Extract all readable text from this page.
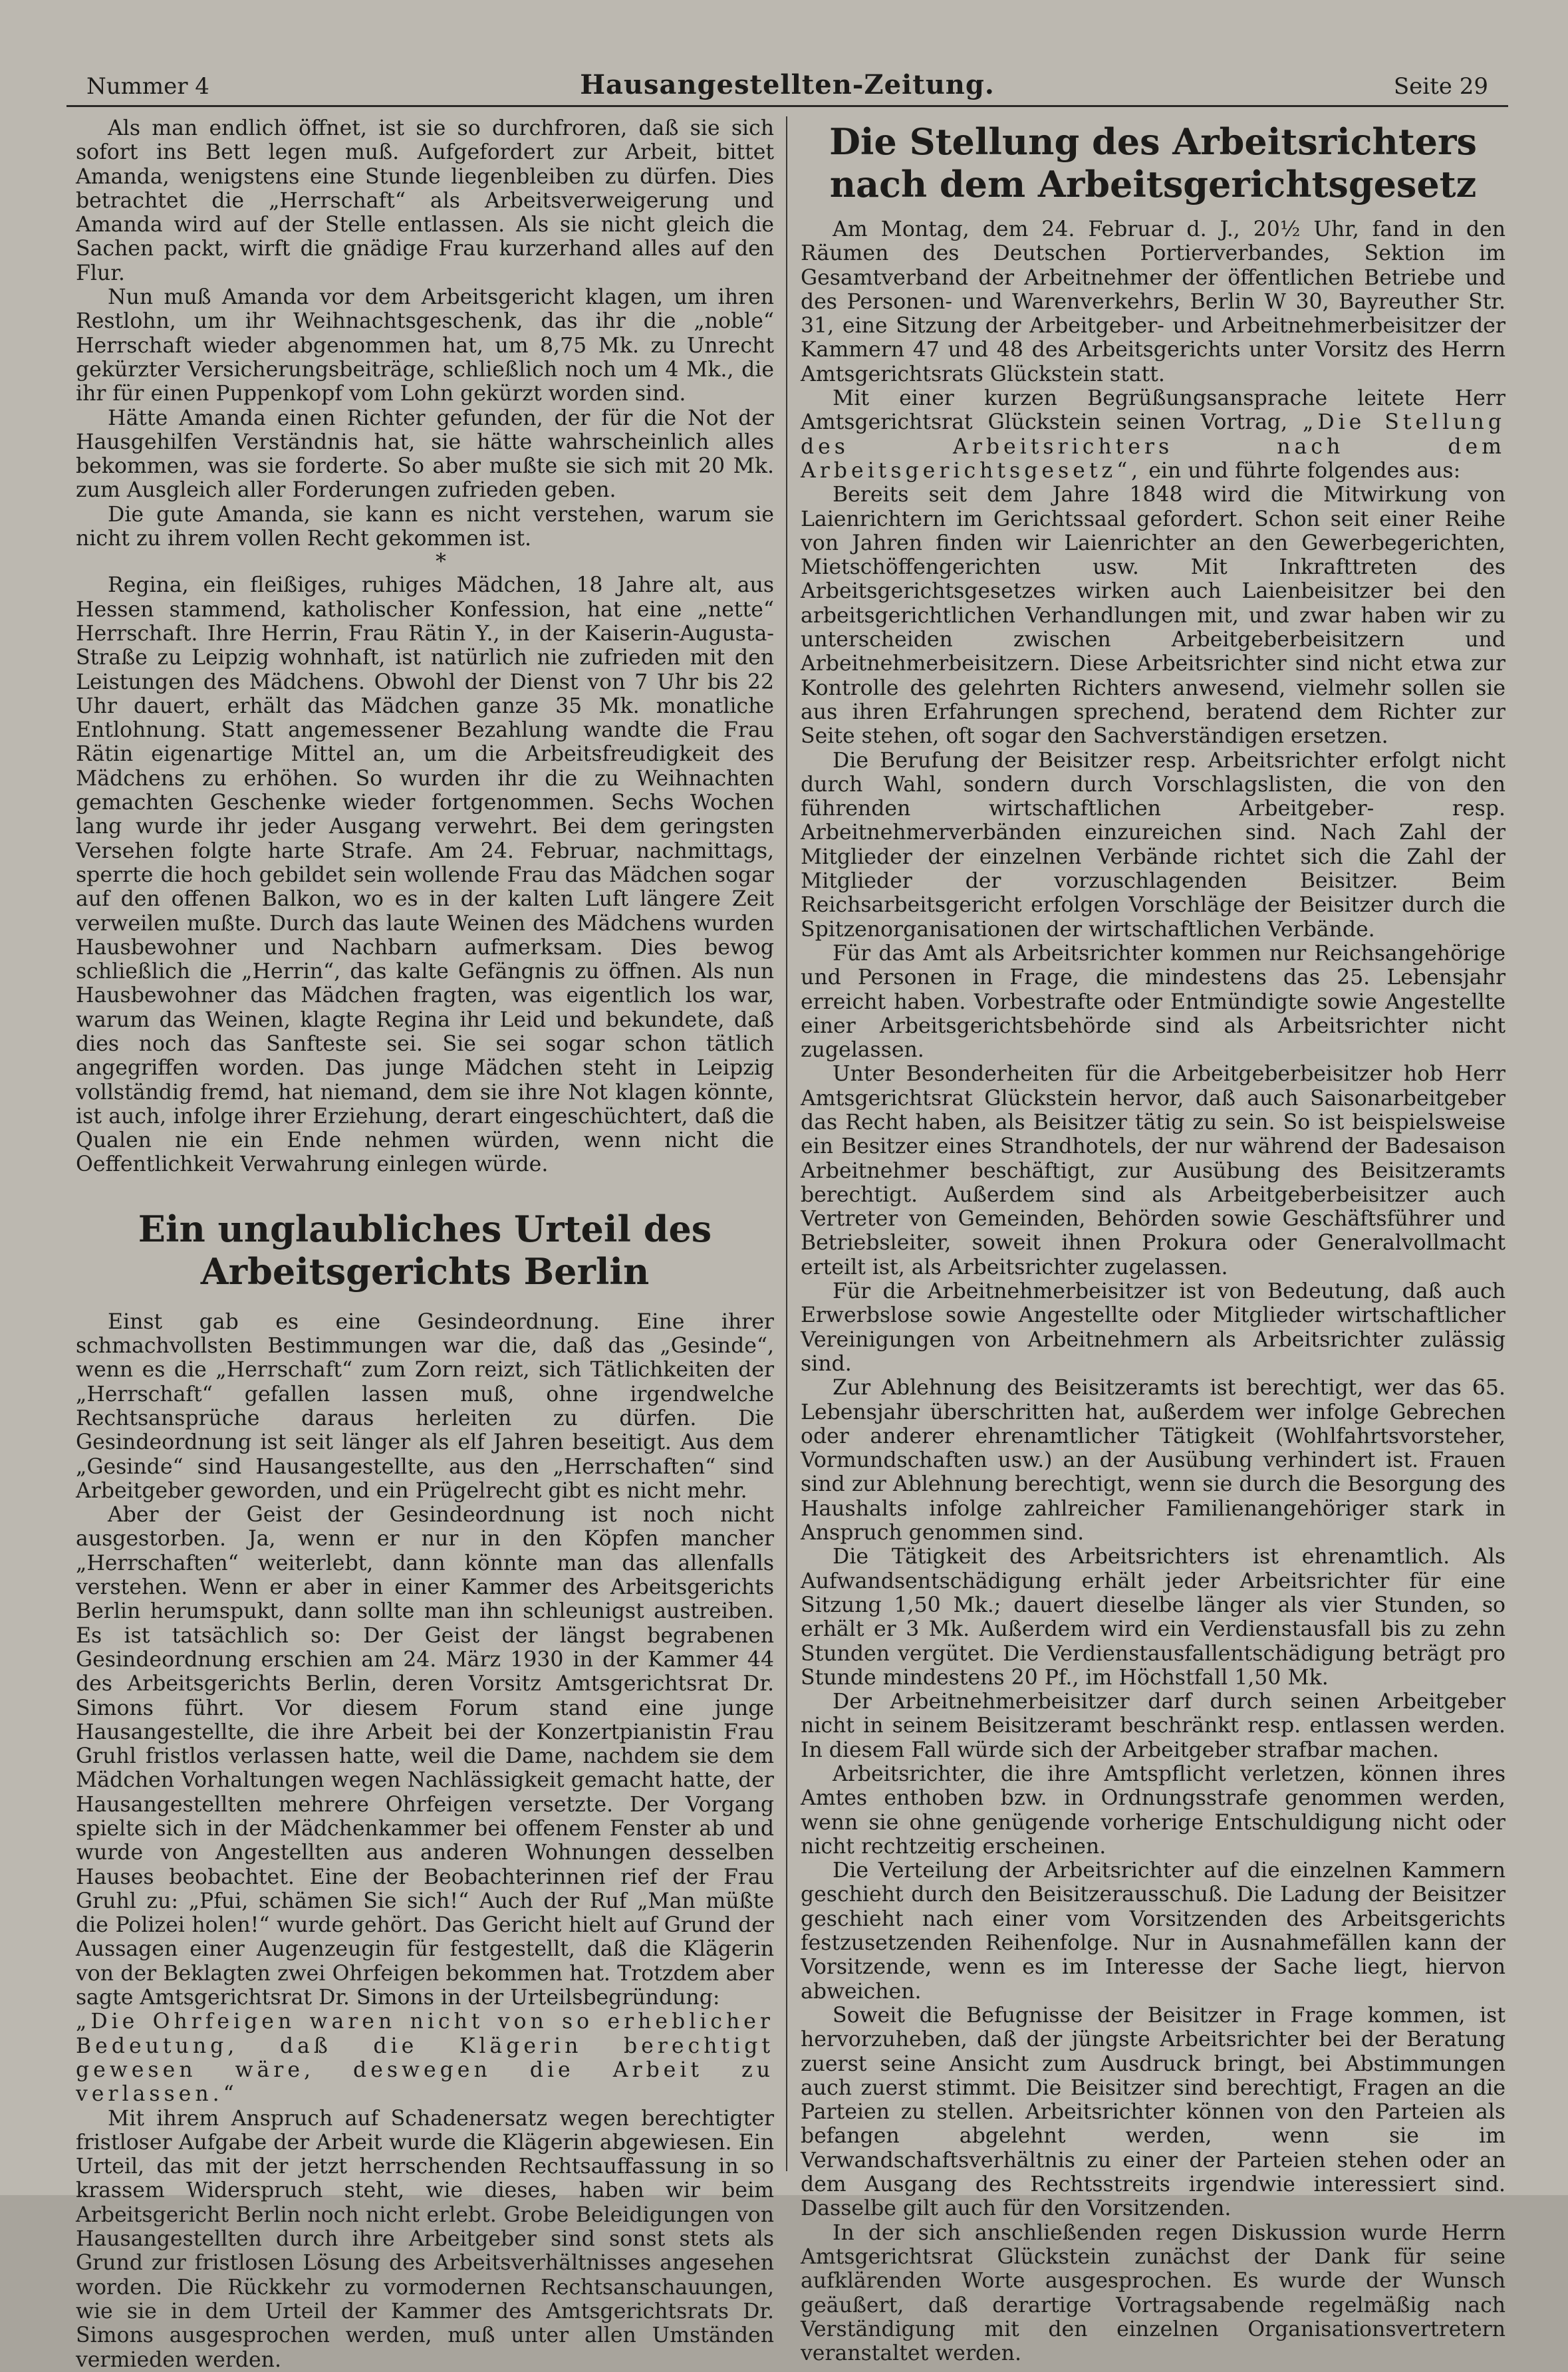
Nummer 4	Hausangestellten-Zeitung.	Seite 29

Als man endlich öffnet, ist sie so durchfroren, daß sie sich sofort ins Bett legen muß. Aufgefordert zur Arbeit, bittet Amanda, wenigstens eine Stunde liegenbleiben zu dürfen. Dies betrachtet die „Herrschaft“ als Arbeitsverweigerung und Amanda wird auf der Stelle entlassen. Als sie nicht gleich die Sachen packt, wirft die gnädige Frau kurzerhand alles auf den Flur.

Nun muß Amanda vor dem Arbeitsgericht klagen, um ihren Restlohn, um ihr Weihnachtsgeschenk, das ihr die „noble“ Herrschaft wieder abgenommen hat, um 8,75 Mk. zu Unrecht gekürzter Versicherungsbeiträge, schließlich noch um 4 Mk., die ihr für einen Puppenkopf vom Lohn gekürzt worden sind.

Hätte Amanda einen Richter gefunden, der für die Not der Hausgehilfen Verständnis hat, sie hätte wahrscheinlich alles bekommen, was sie forderte. So aber mußte sie sich mit 20 Mk. zum Ausgleich aller Forderungen zufrieden geben.

Die gute Amanda, sie kann es nicht verstehen, warum sie nicht zu ihrem vollen Recht gekommen ist.

*

Regina, ein fleißiges, ruhiges Mädchen, 18 Jahre alt, aus Hessen stammend, katholischer Konfession, hat eine „nette“ Herrschaft. Ihre Herrin, Frau Rätin Y., in der Kaiserin-Augusta-Straße zu Leipzig wohnhaft, ist natürlich nie zufrieden mit den Leistungen des Mädchens. Obwohl der Dienst von 7 Uhr bis 22 Uhr dauert, erhält das Mädchen ganze 35 Mk. monatliche Entlohnung. Statt angemessener Bezahlung wandte die Frau Rätin eigenartige Mittel an, um die Arbeitsfreudigkeit des Mädchens zu erhöhen. So wurden ihr die zu Weihnachten gemachten Geschenke wieder fortgenommen. Sechs Wochen lang wurde ihr jeder Ausgang verwehrt. Bei dem geringsten Versehen folgte harte Strafe. Am 24. Februar, nachmittags, sperrte die hoch gebildet sein wollende Frau das Mädchen sogar auf den offenen Balkon, wo es in der kalten Luft längere Zeit verweilen mußte. Durch das laute Weinen des Mädchens wurden Hausbewohner und Nachbarn aufmerksam. Dies bewog schließlich die „Herrin“, das kalte Gefängnis zu öffnen. Als nun Hausbewohner das Mädchen fragten, was eigentlich los war, warum das Weinen, klagte Regina ihr Leid und bekundete, daß dies noch das Sanfteste sei. Sie sei sogar schon tätlich angegriffen worden. Das junge Mädchen steht in Leipzig vollständig fremd, hat niemand, dem sie ihre Not klagen könnte, ist auch, infolge ihrer Erziehung, derart eingeschüchtert, daß die Qualen nie ein Ende nehmen würden, wenn nicht die Oeffentlichkeit Verwahrung einlegen würde.

Ein unglaubliches Urteil des Arbeitsgerichts Berlin

Einst gab es eine Gesindeordnung. Eine ihrer schmachvollsten Bestimmungen war die, daß das „Gesinde“, wenn es die „Herrschaft“ zum Zorn reizt, sich Tätlichkeiten der „Herrschaft“ gefallen lassen muß, ohne irgendwelche Rechtsansprüche daraus herleiten zu dürfen. Die Gesindeordnung ist seit länger als elf Jahren beseitigt. Aus dem „Gesinde“ sind Hausangestellte, aus den „Herrschaften“ sind Arbeitgeber geworden, und ein Prügelrecht gibt es nicht mehr.

Aber der Geist der Gesindeordnung ist noch nicht ausgestorben. Ja, wenn er nur in den Köpfen mancher „Herrschaften“ weiterlebt, dann könnte man das allenfalls verstehen. Wenn er aber in einer Kammer des Arbeitsgerichts Berlin herumspukt, dann sollte man ihn schleunigst austreiben. Es ist tatsächlich so: Der Geist der längst begrabenen Gesindeordnung erschien am 24. März 1930 in der Kammer 44 des Arbeitsgerichts Berlin, deren Vorsitz Amtsgerichtsrat Dr. Simons führt. Vor diesem Forum stand eine junge Hausangestellte, die ihre Arbeit bei der Konzertpianistin Frau Gruhl fristlos verlassen hatte, weil die Dame, nachdem sie dem Mädchen Vorhaltungen wegen Nachlässigkeit gemacht hatte, der Hausangestellten mehrere Ohrfeigen versetzte. Der Vorgang spielte sich in der Mädchenkammer bei offenem Fenster ab und wurde von Angestellten aus anderen Wohnungen desselben Hauses beobachtet. Eine der Beobachterinnen rief der Frau Gruhl zu: „Pfui, schämen Sie sich!“ Auch der Ruf „Man müßte die Polizei holen!“ wurde gehört. Das Gericht hielt auf Grund der Aussagen einer Augenzeugin für festgestellt, daß die Klägerin von der Beklagten zwei Ohrfeigen bekommen hat. Trotzdem aber sagte Amtsgerichtsrat Dr. Simons in der Urteilsbegründung:

„Die Ohrfeigen waren nicht von so erheblicher Bedeutung, daß die Klägerin berechtigt gewesen wäre, deswegen die Arbeit zu verlassen.“

Mit ihrem Anspruch auf Schadenersatz wegen berechtigter fristloser Aufgabe der Arbeit wurde die Klägerin abgewiesen. Ein Urteil, das mit der jetzt herrschenden Rechtsauffassung in so krassem Widerspruch steht, wie dieses, haben wir beim Arbeitsgericht Berlin noch nicht erlebt. Grobe Beleidigungen von Hausangestellten durch ihre Arbeitgeber sind sonst stets als Grund zur fristlosen Lösung des Arbeitsverhältnisses angesehen worden. Die Rückkehr zu vormodernen Rechtsanschauungen, wie sie in dem Urteil der Kammer des Amtsgerichtsrats Dr. Simons ausgesprochen werden, muß unter allen Umständen vermieden werden.

Die Stellung des Arbeitsrichters nach dem Arbeitsgerichtsgesetz

Am Montag, dem 24. Februar d. J., 20½ Uhr, fand in den Räumen des Deutschen Portierverbandes, Sektion im Gesamtverband der Arbeitnehmer der öffentlichen Betriebe und des Personen- und Warenverkehrs, Berlin W 30, Bayreuther Str. 31, eine Sitzung der Arbeitgeber- und Arbeitnehmerbeisitzer der Kammern 47 und 48 des Arbeitsgerichts unter Vorsitz des Herrn Amtsgerichtsrats Glückstein statt.

Mit einer kurzen Begrüßungsansprache leitete Herr Amtsgerichtsrat Glückstein seinen Vortrag, „Die Stellung des Arbeitsrichters nach dem Arbeitsgerichtsgesetz“, ein und führte folgendes aus:

Bereits seit dem Jahre 1848 wird die Mitwirkung von Laienrichtern im Gerichtssaal gefordert. Schon seit einer Reihe von Jahren finden wir Laienrichter an den Gewerbegerichten, Mietschöffengerichten usw. Mit Inkrafttreten des Arbeitsgerichtsgesetzes wirken auch Laienbeisitzer bei den arbeitsgerichtlichen Verhandlungen mit, und zwar haben wir zu unterscheiden zwischen Arbeitgeberbeisitzern und Arbeitnehmerbeisitzern. Diese Arbeitsrichter sind nicht etwa zur Kontrolle des gelehrten Richters anwesend, vielmehr sollen sie aus ihren Erfahrungen sprechend, beratend dem Richter zur Seite stehen, oft sogar den Sachverständigen ersetzen.

Die Berufung der Beisitzer resp. Arbeitsrichter erfolgt nicht durch Wahl, sondern durch Vorschlagslisten, die von den führenden wirtschaftlichen Arbeitgeber- resp. Arbeitnehmerverbänden einzureichen sind. Nach Zahl der Mitglieder der einzelnen Verbände richtet sich die Zahl der Mitglieder der vorzuschlagenden Beisitzer. Beim Reichsarbeitsgericht erfolgen Vorschläge der Beisitzer durch die Spitzenorganisationen der wirtschaftlichen Verbände.

Für das Amt als Arbeitsrichter kommen nur Reichsangehörige und Personen in Frage, die mindestens das 25. Lebensjahr erreicht haben. Vorbestrafte oder Entmündigte sowie Angestellte einer Arbeitsgerichtsbehörde sind als Arbeitsrichter nicht zugelassen.

Unter Besonderheiten für die Arbeitgeberbeisitzer hob Herr Amtsgerichtsrat Glückstein hervor, daß auch Saisonarbeitgeber das Recht haben, als Beisitzer tätig zu sein. So ist beispielsweise ein Besitzer eines Strandhotels, der nur während der Badesaison Arbeitnehmer beschäftigt, zur Ausübung des Beisitzeramts berechtigt. Außerdem sind als Arbeitgeberbeisitzer auch Vertreter von Gemeinden, Behörden sowie Geschäftsführer und Betriebsleiter, soweit ihnen Prokura oder Generalvollmacht erteilt ist, als Arbeitsrichter zugelassen.

Für die Arbeitnehmerbeisitzer ist von Bedeutung, daß auch Erwerbslose sowie Angestellte oder Mitglieder wirtschaftlicher Vereinigungen von Arbeitnehmern als Arbeitsrichter zulässig sind.

Zur Ablehnung des Beisitzeramts ist berechtigt, wer das 65. Lebensjahr überschritten hat, außerdem wer infolge Gebrechen oder anderer ehrenamtlicher Tätigkeit (Wohlfahrtsvorsteher, Vormundschaften usw.) an der Ausübung verhindert ist. Frauen sind zur Ablehnung berechtigt, wenn sie durch die Besorgung des Haushalts infolge zahlreicher Familienangehöriger stark in Anspruch genommen sind.

Die Tätigkeit des Arbeitsrichters ist ehrenamtlich. Als Aufwandsentschädigung erhält jeder Arbeitsrichter für eine Sitzung 1,50 Mk.; dauert dieselbe länger als vier Stunden, so erhält er 3 Mk. Außerdem wird ein Verdienstausfall bis zu zehn Stunden vergütet. Die Verdienstausfallentschädigung beträgt pro Stunde mindestens 20 Pf., im Höchstfall 1,50 Mk.

Der Arbeitnehmerbeisitzer darf durch seinen Arbeitgeber nicht in seinem Beisitzeramt beschränkt resp. entlassen werden. In diesem Fall würde sich der Arbeitgeber strafbar machen.

Arbeitsrichter, die ihre Amtspflicht verletzen, können ihres Amtes enthoben bzw. in Ordnungsstrafe genommen werden, wenn sie ohne genügende vorherige Entschuldigung nicht oder nicht rechtzeitig erscheinen.

Die Verteilung der Arbeitsrichter auf die einzelnen Kammern geschieht durch den Beisitzerausschuß. Die Ladung der Beisitzer geschieht nach einer vom Vorsitzenden des Arbeitsgerichts festzusetzenden Reihenfolge. Nur in Ausnahmefällen kann der Vorsitzende, wenn es im Interesse der Sache liegt, hiervon abweichen.

Soweit die Befugnisse der Beisitzer in Frage kommen, ist hervorzuheben, daß der jüngste Arbeitsrichter bei der Beratung zuerst seine Ansicht zum Ausdruck bringt, bei Abstimmungen auch zuerst stimmt. Die Beisitzer sind berechtigt, Fragen an die Parteien zu stellen. Arbeitsrichter können von den Parteien als befangen abgelehnt werden, wenn sie im Verwandschaftsverhältnis zu einer der Parteien stehen oder an dem Ausgang des Rechtsstreits irgendwie interessiert sind. Dasselbe gilt auch für den Vorsitzenden.

In der sich anschließenden regen Diskussion wurde Herrn Amtsgerichtsrat Glückstein zunächst der Dank für seine aufklärenden Worte ausgesprochen. Es wurde der Wunsch geäußert, daß derartige Vortragsabende regelmäßig nach Verständigung mit den einzelnen Organisationsvertretern veranstaltet werden.
